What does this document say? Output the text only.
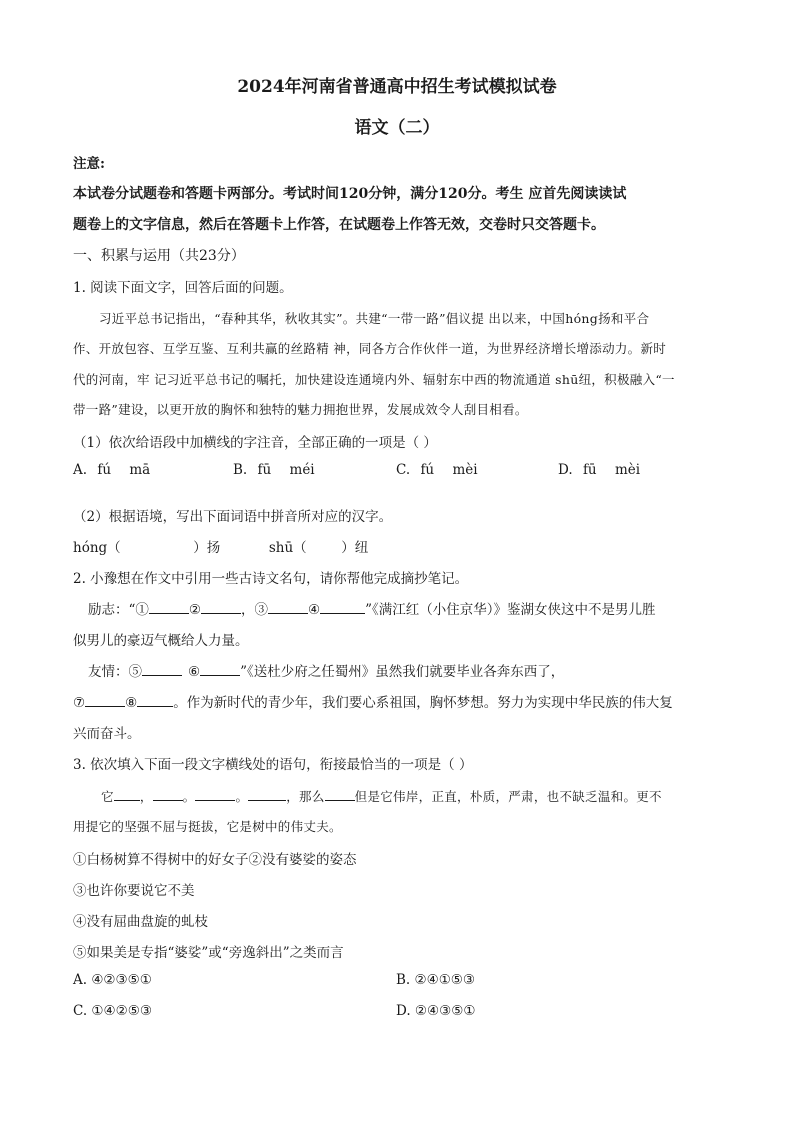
2024年河南省普通高中招生考试模拟试卷
语文（二）
注意:
本试卷分试题卷和答题卡两部分。考试时间120分钟，满分120分。考生 应首先阅读读试
题卷上的文字信息，然后在答题卡上作答，在试题卷上作答无效，交卷时只交答题卡。
一、积累与运用（共23分）
1. 阅读下面文字，回答后面的问题。
习近平总书记指出，“春种其华，秋收其实”。共建“一带一路”倡议提 出以来，中国hóng扬和平合
作、开放包容、互学互鉴、互利共赢的丝路精 神，同各方合作伙伴一道，为世界经济增长增添动力。新时
代的河南，牢 记习近平总书记的嘱托，加快建设连通境内外、辐射东中西的物流通道 shū纽，积极融入“一
带一路”建设，以更开放的胸怀和独特的魅力拥抱世界，发展成效令人刮目相看。
（1）依次给语段中加横线的字注音，全部正确的一项是（ ）
A. fú mā	B. fū méi	C. fú mèi	D. fū mèi
（2）根据语境，写出下面词语中拼音所对应的汉字。
hóng（	）扬	shū（	）纽
2. 小豫想在作文中引用一些古诗文名句，请你帮他完成摘抄笔记。
励志：“①	②	，③	④	”《满江红（小住京华）》鉴湖女侠这中不是男儿胜
似男儿的豪迈气概给人力量。
友情：⑤	⑥	”《送杜少府之任蜀州》虽然我们就要毕业各奔东西了，
⑦	⑧	。作为新时代的青少年，我们要心系祖国，胸怀梦想。努力为实现中华民族的伟大复
兴而奋斗。
3. 依次填入下面一段文字横线处的语句，衔接最恰当的一项是（ ）
它 ， 。	。	，那么 但是它伟岸，正直，朴质，严肃，也不缺乏温和。更不
用提它的坚强不屈与挺拔，它是树中的伟丈夫。
①白杨树算不得树中的好女子②没有婆娑的姿态
③也许你要说它不美
④没有屈曲盘旋的虬枝
⑤如果美是专指“婆娑”或“旁逸斜出”之类而言
A. ④②③⑤①	B. ②④①⑤③
C. ①④②⑤③	D. ②④③⑤①
